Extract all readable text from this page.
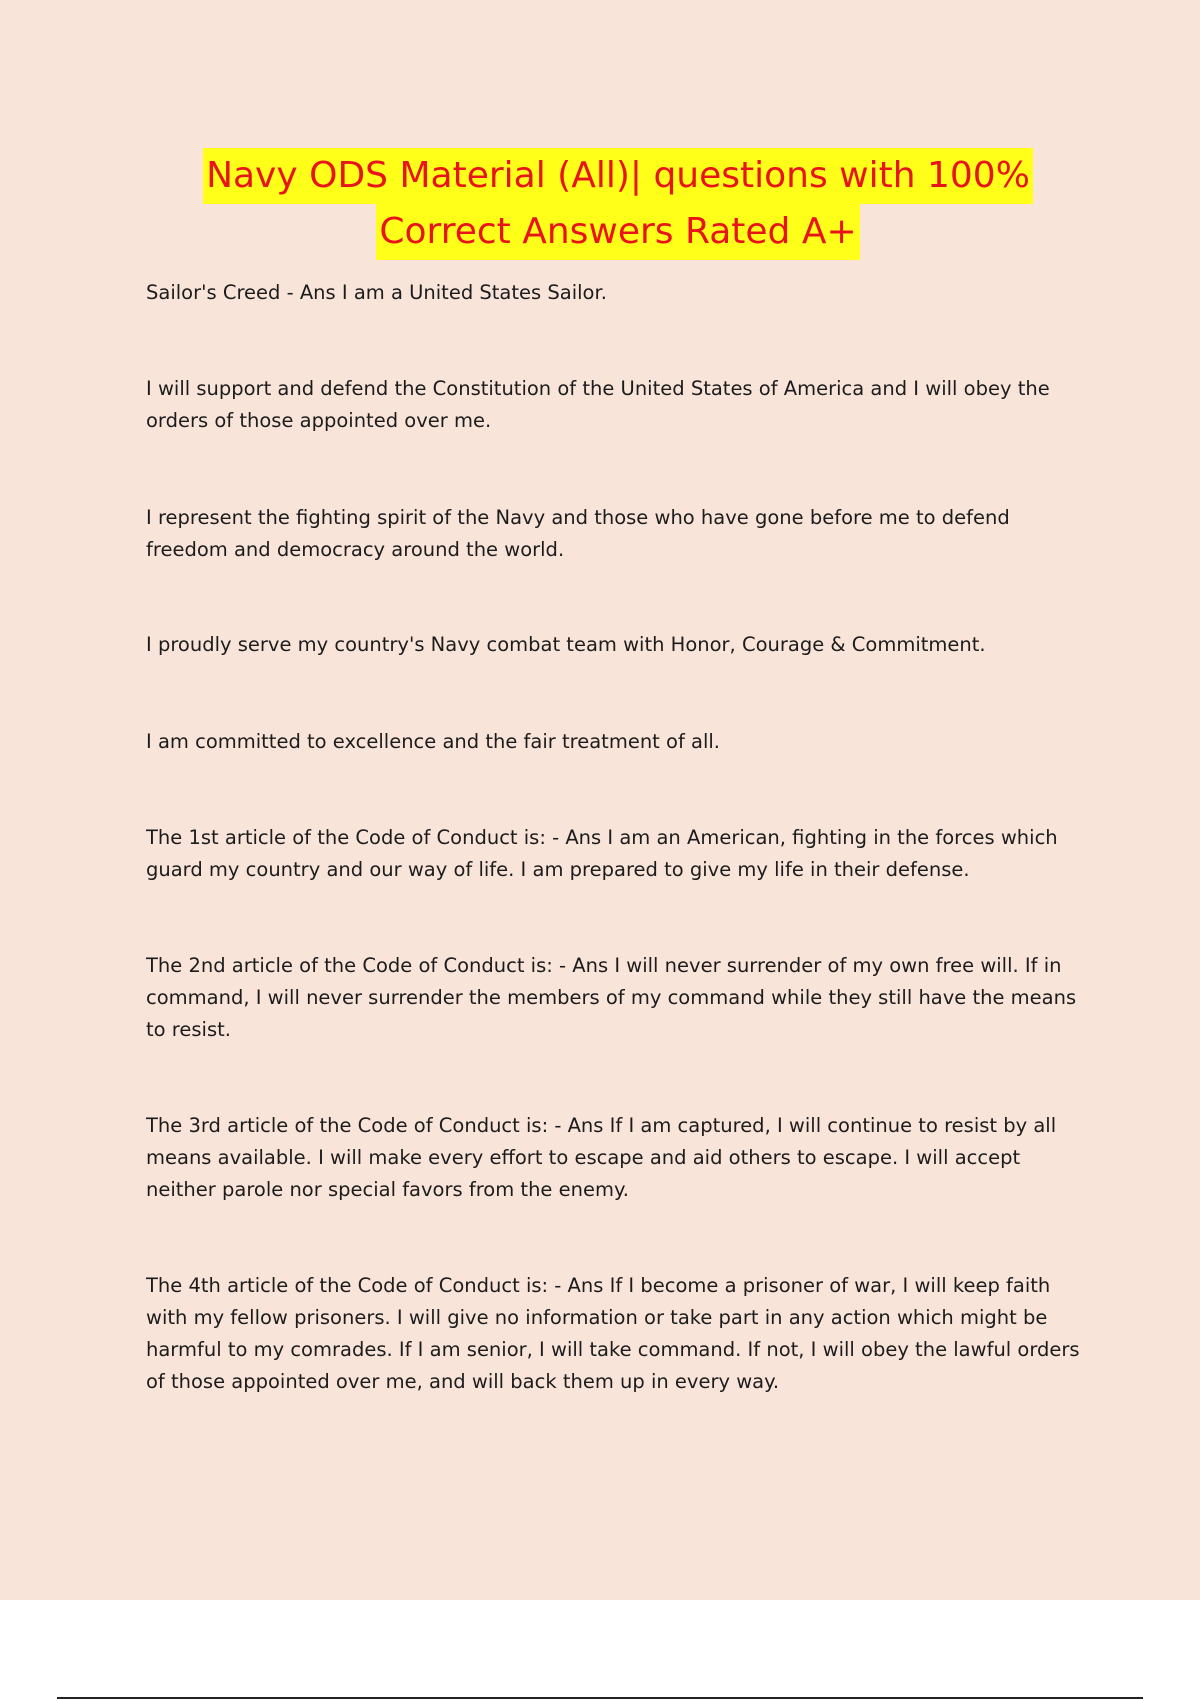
Navy ODS Material (All)| questions with 100%
Correct Answers Rated A+

Sailor's Creed - Ans I am a United States Sailor.

I will support and defend the Constitution of the United States of America and I will obey the orders of those appointed over me.

I represent the fighting spirit of the Navy and those who have gone before me to defend freedom and democracy around the world.

I proudly serve my country's Navy combat team with Honor, Courage & Commitment.

I am committed to excellence and the fair treatment of all.

The 1st article of the Code of Conduct is: - Ans I am an American, fighting in the forces which guard my country and our way of life. I am prepared to give my life in their defense.

The 2nd article of the Code of Conduct is: - Ans I will never surrender of my own free will. If in command, I will never surrender the members of my command while they still have the means to resist.

The 3rd article of the Code of Conduct is: - Ans If I am captured, I will continue to resist by all means available. I will make every effort to escape and aid others to escape. I will accept neither parole nor special favors from the enemy.

The 4th article of the Code of Conduct is: - Ans If I become a prisoner of war, I will keep faith with my fellow prisoners. I will give no information or take part in any action which might be harmful to my comrades. If I am senior, I will take command. If not, I will obey the lawful orders of those appointed over me, and will back them up in every way.
